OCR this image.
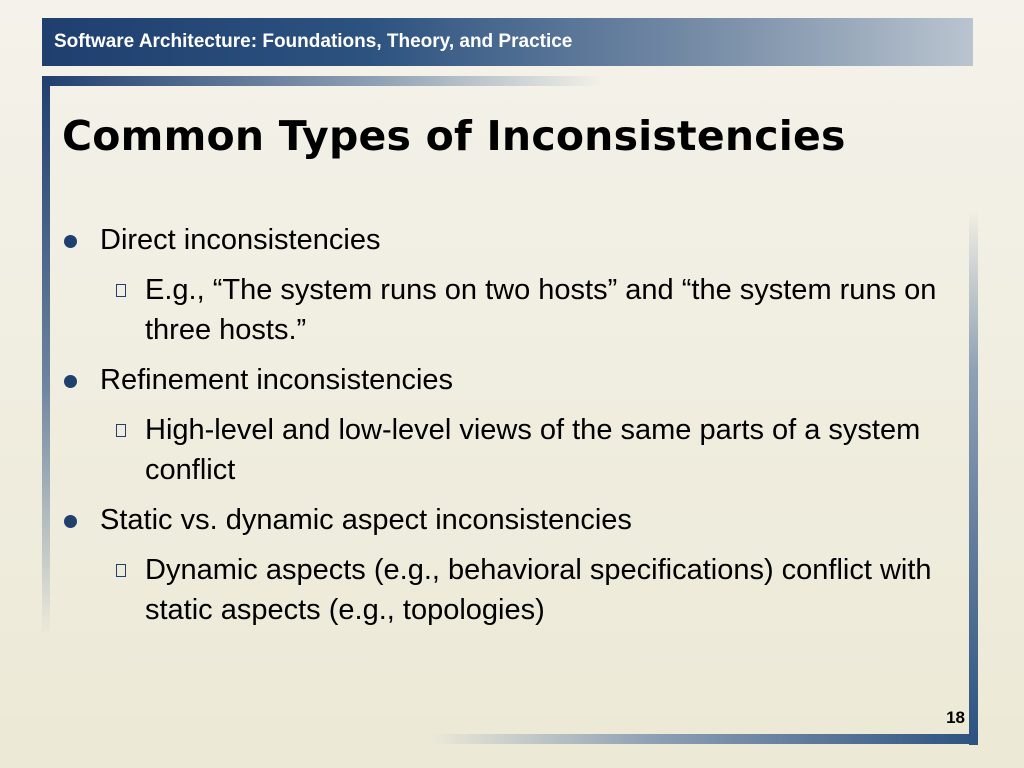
Software Architecture: Foundations, Theory, and Practice
Common Types of Inconsistencies
Direct inconsistencies
E.g., “The system runs on two hosts” and “the system runs on three hosts.”
Refinement inconsistencies
High-level and low-level views of the same parts of a system conflict
Static vs. dynamic aspect inconsistencies
Dynamic aspects (e.g., behavioral specifications) conflict with static aspects (e.g., topologies)
18
